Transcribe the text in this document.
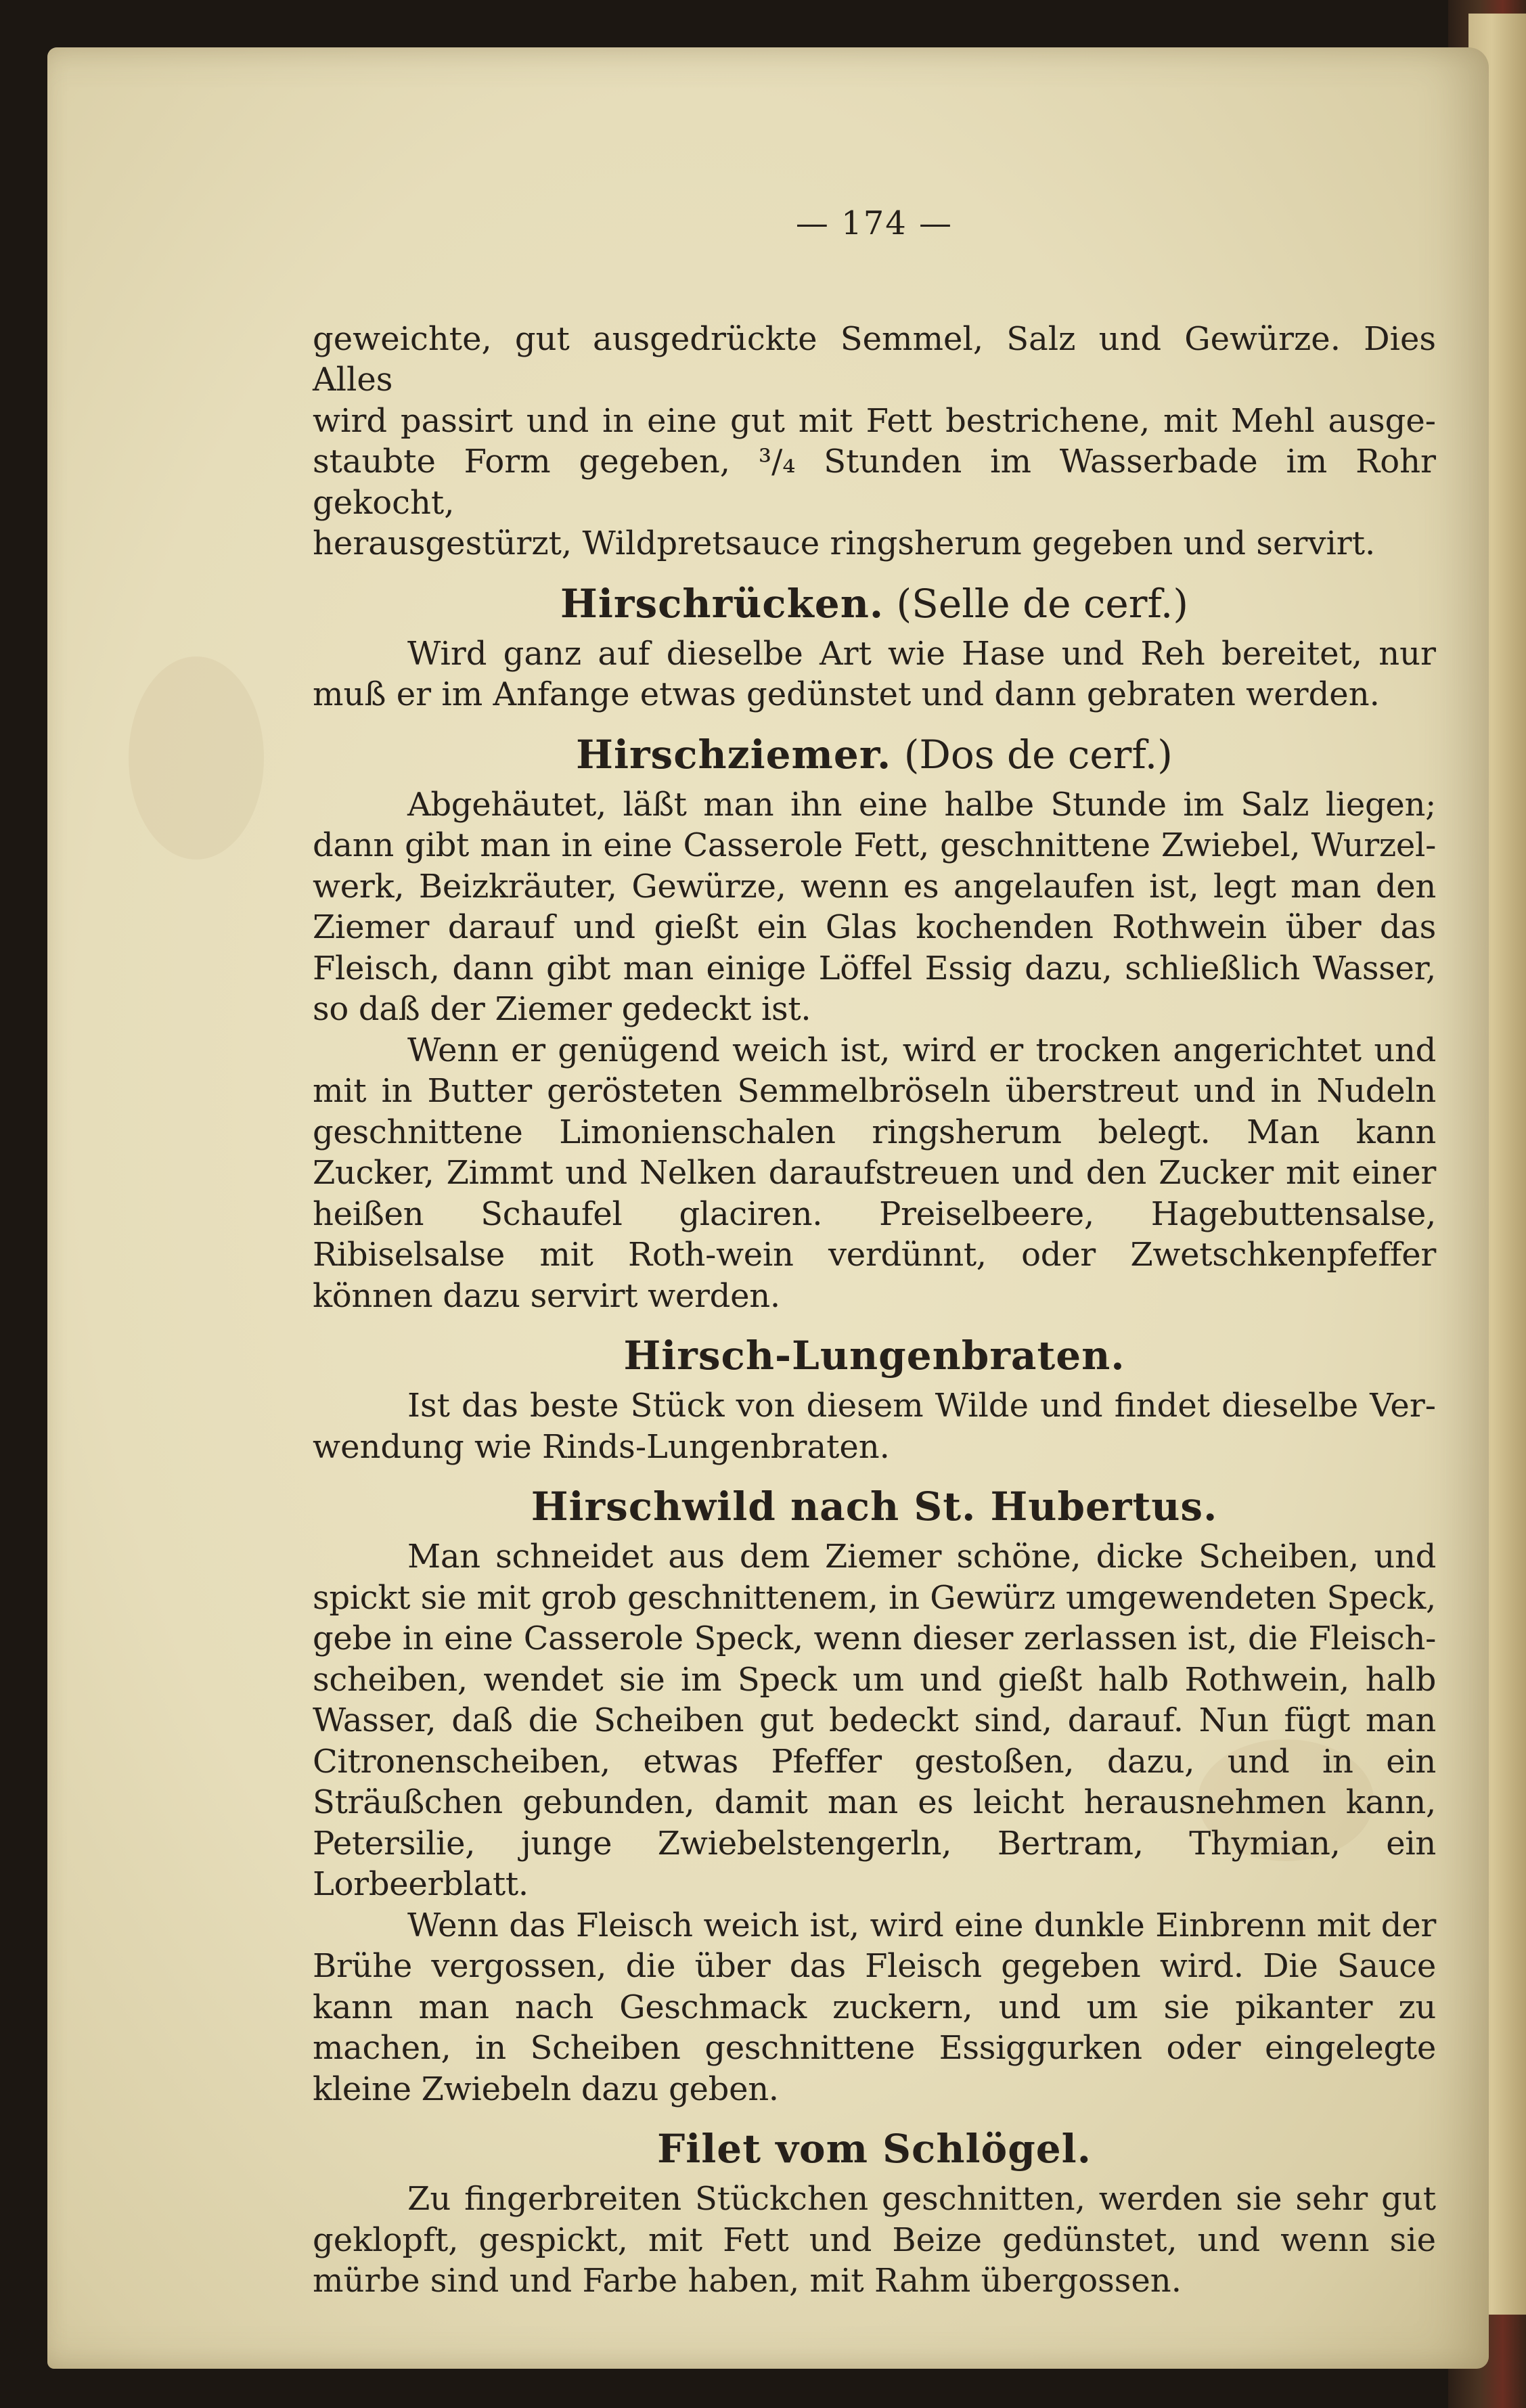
— 174 —
geweichte, gut ausgedrückte Semmel, Salz und Gewürze. Dies Alles
wird passirt und in eine gut mit Fett bestrichene, mit Mehl ausge-
staubte Form gegeben, ³/₄ Stunden im Wasserbade im Rohr gekocht,
herausgestürzt, Wildpretsauce ringsherum gegeben und servirt.
Hirschrücken. (Selle de cerf.)
Wird ganz auf dieselbe Art wie Hase und Reh bereitet, nur muß er im Anfange etwas gedünstet und dann gebraten werden.
Hirschziemer. (Dos de cerf.)
Abgehäutet, läßt man ihn eine halbe Stunde im Salz liegen; dann gibt man in eine Casserole Fett, geschnittene Zwiebel, Wurzel-werk, Beizkräuter, Gewürze, wenn es angelaufen ist, legt man den Ziemer darauf und gießt ein Glas kochenden Rothwein über das Fleisch, dann gibt man einige Löffel Essig dazu, schließlich Wasser, so daß der Ziemer gedeckt ist.
Wenn er genügend weich ist, wird er trocken angerichtet und mit in Butter gerösteten Semmelbröseln überstreut und in Nudeln geschnittene Limonienschalen ringsherum belegt. Man kann Zucker, Zimmt und Nelken daraufstreuen und den Zucker mit einer heißen Schaufel glaciren. Preiselbeere, Hagebuttensalse, Ribiselsalse mit Roth-wein verdünnt, oder Zwetschkenpfeffer können dazu servirt werden.
Hirsch-Lungenbraten.
Ist das beste Stück von diesem Wilde und findet dieselbe Ver-wendung wie Rinds-Lungenbraten.
Hirschwild nach St. Hubertus.
Man schneidet aus dem Ziemer schöne, dicke Scheiben, und spickt sie mit grob geschnittenem, in Gewürz umgewendeten Speck, gebe in eine Casserole Speck, wenn dieser zerlassen ist, die Fleisch-scheiben, wendet sie im Speck um und gießt halb Rothwein, halb Wasser, daß die Scheiben gut bedeckt sind, darauf. Nun fügt man Citronenscheiben, etwas Pfeffer gestoßen, dazu, und in ein Sträußchen gebunden, damit man es leicht herausnehmen kann, Petersilie, junge Zwiebelstengerln, Bertram, Thymian, ein Lorbeerblatt.
Wenn das Fleisch weich ist, wird eine dunkle Einbrenn mit der Brühe vergossen, die über das Fleisch gegeben wird. Die Sauce kann man nach Geschmack zuckern, und um sie pikanter zu machen, in Scheiben geschnittene Essiggurken oder eingelegte kleine Zwiebeln dazu geben.
Filet vom Schlögel.
Zu fingerbreiten Stückchen geschnitten, werden sie sehr gut geklopft, gespickt, mit Fett und Beize gedünstet, und wenn sie mürbe sind und Farbe haben, mit Rahm übergossen.
